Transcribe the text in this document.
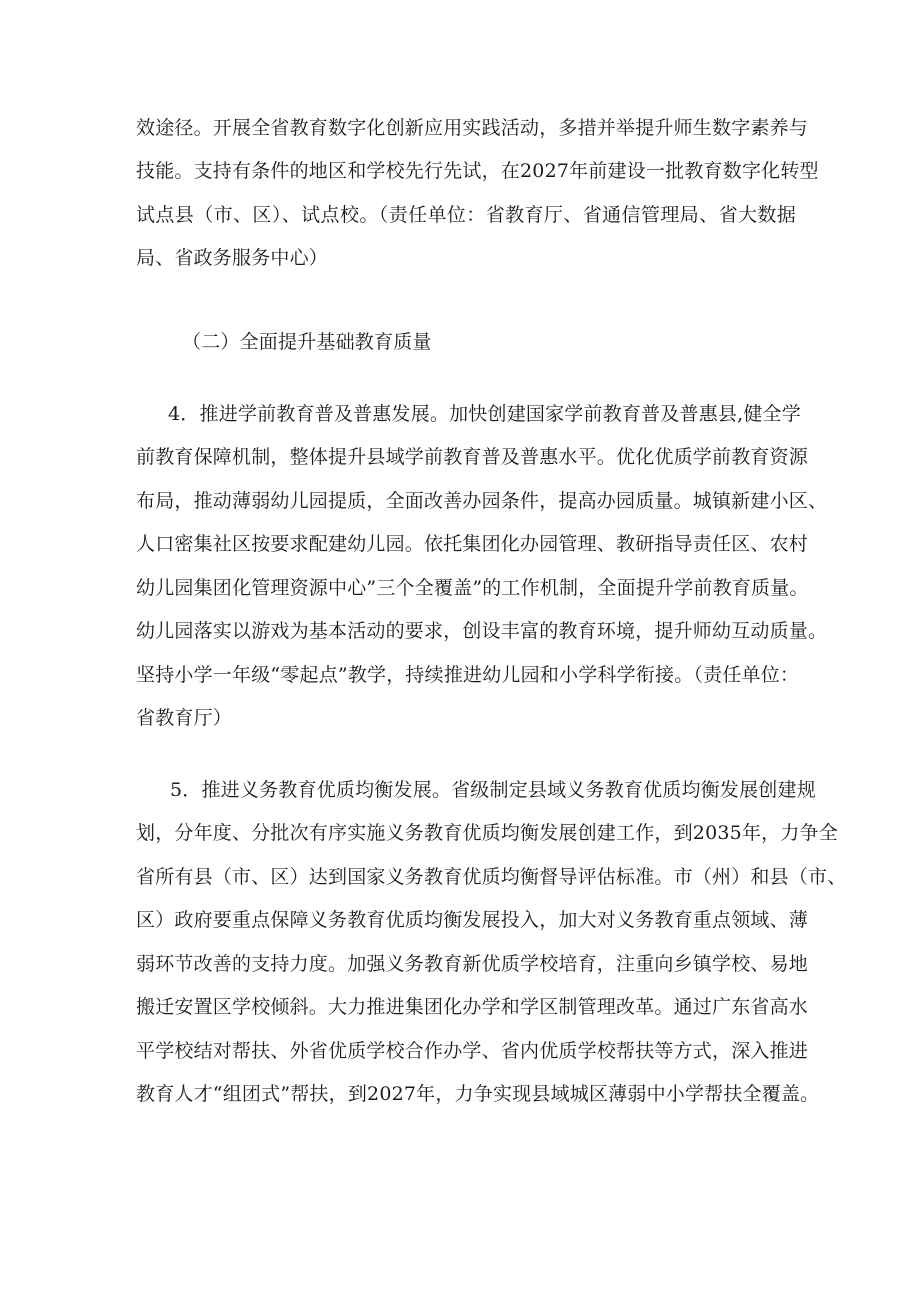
效途径。开展全省教育数字化创新应用实践活动，多措并举提升师生数字素养与
技能。支持有条件的地区和学校先行先试，在2027年前建设一批教育数字化转型
试点县（市、区）、试点校。（责任单位：省教育厅、省通信管理局、省大数据
局、省政务服务中心）
（二）全面提升基础教育质量
4．推进学前教育普及普惠发展。加快创建国家学前教育普及普惠县,健全学
前教育保障机制，整体提升县域学前教育普及普惠水平。优化优质学前教育资源
布局，推动薄弱幼儿园提质，全面改善办园条件，提高办园质量。城镇新建小区、
人口密集社区按要求配建幼儿园。依托集团化办园管理、教研指导责任区、农村
幼儿园集团化管理资源中心”三个全覆盖”的工作机制，全面提升学前教育质量。
幼儿园落实以游戏为基本活动的要求，创设丰富的教育环境，提升师幼互动质量。
坚持小学一年级“零起点”教学，持续推进幼儿园和小学科学衔接。（责任单位：
省教育厅）
5．推进义务教育优质均衡发展。省级制定县域义务教育优质均衡发展创建规
划，分年度、分批次有序实施义务教育优质均衡发展创建工作，到2035年，力争全
省所有县（市、区）达到国家义务教育优质均衡督导评估标准。市（州）和县（市、
区）政府要重点保障义务教育优质均衡发展投入，加大对义务教育重点领域、薄
弱环节改善的支持力度。加强义务教育新优质学校培育，注重向乡镇学校、易地
搬迁安置区学校倾斜。大力推进集团化办学和学区制管理改革。通过广东省高水
平学校结对帮扶、外省优质学校合作办学、省内优质学校帮扶等方式，深入推进
教育人才“组团式”帮扶，到2027年，力争实现县域城区薄弱中小学帮扶全覆盖。
